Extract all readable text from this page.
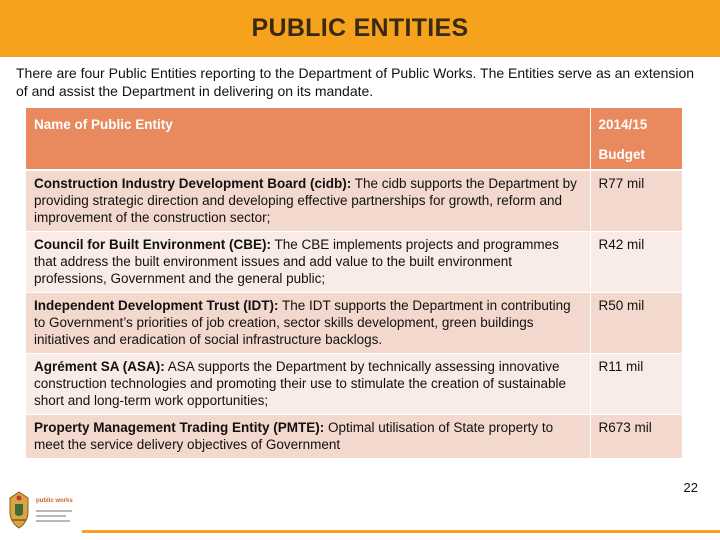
PUBLIC ENTITIES
There are four Public Entities reporting to the Department of Public Works. The Entities serve as an extension of and assist the Department in delivering on its mandate.
Name of Public Entity	2014/15
Budget

Construction Industry Development Board (cidb): The cidb supports the Department by providing strategic direction and developing effective partnerships for growth, reform and improvement of the construction sector;	R77 mil
Council for Built Environment (CBE): The CBE implements projects and programmes that address the built environment issues and add value to the built environment professions, Government and the general public;	R42 mil
Independent Development Trust (IDT): The IDT supports the Department in contributing to Government’s priorities of job creation, sector skills development, green buildings initiatives and eradication of social infrastructure backlogs.	R50 mil
Agrément SA (ASA): ASA supports the Department by technically assessing innovative construction technologies and promoting their use to stimulate the creation of sustainable short and long-term work opportunities;	R11 mil
Property Management Trading Entity (PMTE): Optimal utilisation of State property to meet the service delivery objectives of Government	R673 mil
public works
22
